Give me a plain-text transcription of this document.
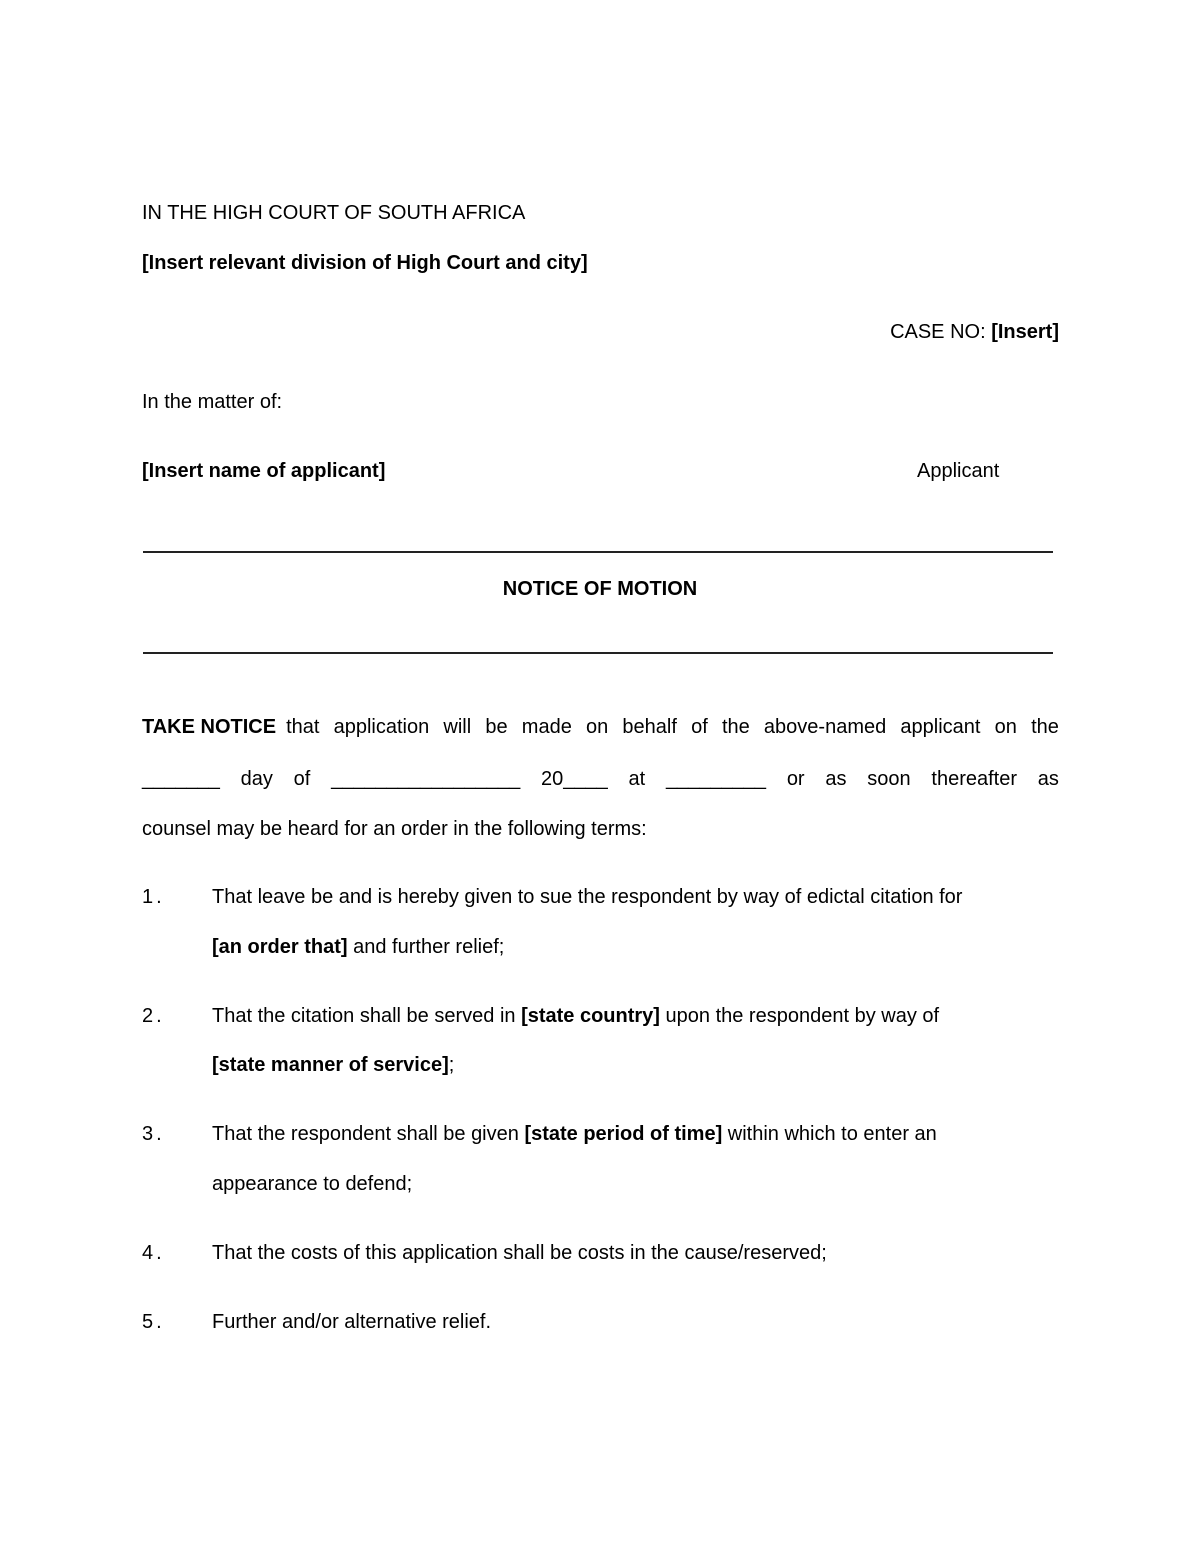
IN THE HIGH COURT OF SOUTH AFRICA
[Insert relevant division of High Court and city]
CASE NO: [Insert]
In the matter of:
[Insert name of applicant]	Applicant
NOTICE OF MOTION
TAKE NOTICE that application will be made on behalf of the above-named applicant on the
_______ day of _________________ 20____ at _________ or as soon thereafter as
counsel may be heard for an order in the following terms:
1.	That leave be and is hereby given to sue the respondent by way of edictal citation for
[an order that] and further relief;
2.	That the citation shall be served in [state country] upon the respondent by way of
[state manner of service];
3.	That the respondent shall be given [state period of time] within which to enter an
appearance to defend;
4.	That the costs of this application shall be costs in the cause/reserved;
5.	Further and/or alternative relief.
